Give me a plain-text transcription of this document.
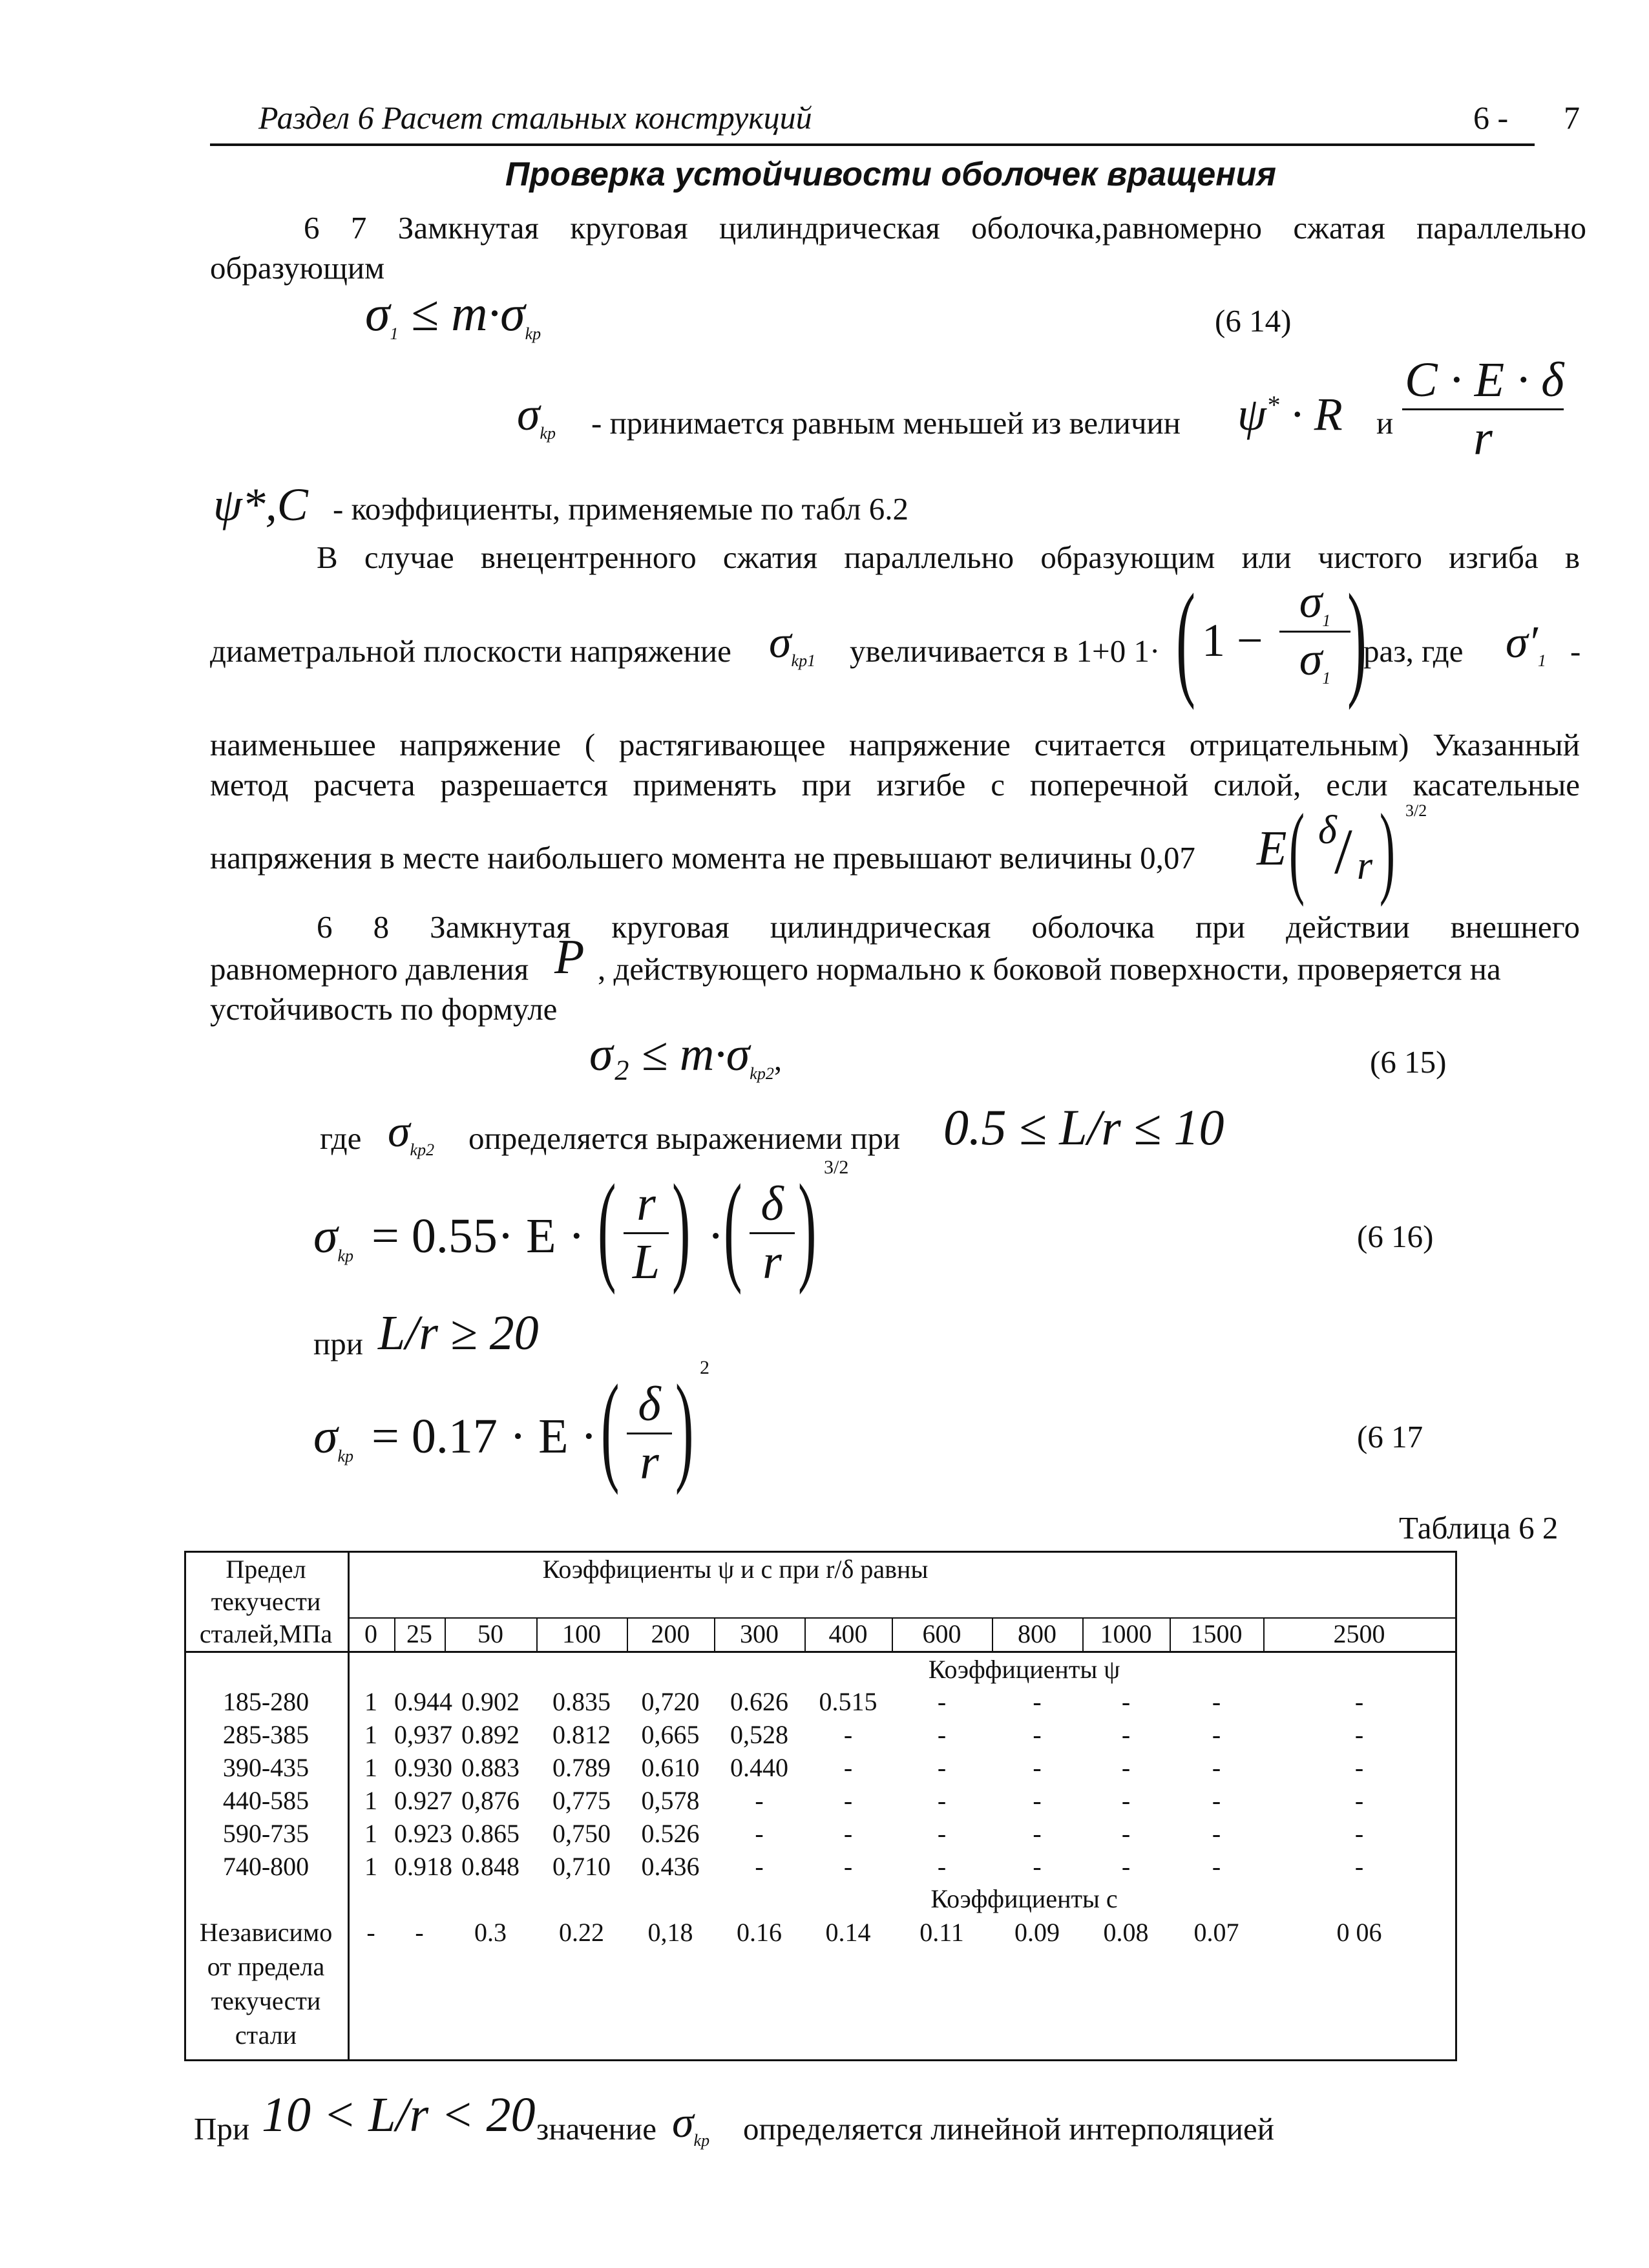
Раздел 6 Расчет стальных конструкций	6 - 7
Проверка устойчивости оболочек вращения
6 7 Замкнутая круговая цилиндрическая оболочка,равномерно сжатая параллельно
образующим
$\sigma_1 \le m\cdot\sigma_{kp}$	(6 14)
$\sigma_{kp}$ - принимается равным меньшей из величин ψ* · R и
C · E · δ
r
ψ*,C - коэффициенты, применяемые по табл 6.2
В случае внецентренного сжатия параллельно образующим или чистого изгиба в
диаметральной плоскости напряжение $\sigma_{kp1}$ увеличивается в 1+0 1· ( 1 −
$\sigma_1$
$\sigma_1$ )
раз, где $\sigma'_1$ -
наименьшее напряжение ( растягивающее напряжение считается отрицательным) Указанный
метод расчета разрешается применять при изгибе с поперечной силой, если касательные
напряжения в месте наибольшего момента не превышают величины 0,07 E ( δ
/ r ) 3/2
6 8 Замкнутая круговая цилиндрическая оболочка при действии внешнего
равномерного давления P , действующего нормально к боковой поверхности, проверяется на
устойчивость по формуле
$\sigma_2 \le m\cdot\sigma_{kp2}$,	(6 15)
где $\sigma_{kp2}$ определяется выражениеми при 0.5 ≤ L/r ≤ 10
$\sigma_{kp} = 0.55\cdot E$ · ( r
L ) · ( δ
r ) 3/2
(6 16)
при L/r ≥ 20
$\sigma_{kp} = 0.17 \cdot E$ · ( δ
r ) 2
(6 17
Таблица 6 2
Предел
текучести
сталей,МПа
Коэффициенты ψ и с при r/δ равны
0	25	50	100	200	300	400	600	800	1000	1500	2500
Коэффициенты ψ
185-280	1 0.944 0.902	0.835	0,720	0.626	0.515	-	-	-	-	-
285-385	1 0,937 0.892	0.812	0,665	0,528	-	-	-	-	-	-
390-435	1 0.930 0.883	0.789	0.610	0.440	-	-	-	-	-	-
440-585	1 0.927 0,876	0,775	0,578	-	-	-	-	-	-	-
590-735	1 0.923 0.865	0,750	0.526	-	-	-	-	-	-	-
740-800	1 0.918 0.848	0,710	0.436	-	-	-	-	-	-	-
Коэффициенты с
Независимо
от предела
текучести
стали
-	-	0.3	0.22	0,18	0.16	0.14	0.11	0.09	0.08	0.07	0 06
При 10 < L/r < 20 значение $\sigma_{kp}$ определяется линейной интерполяцией
